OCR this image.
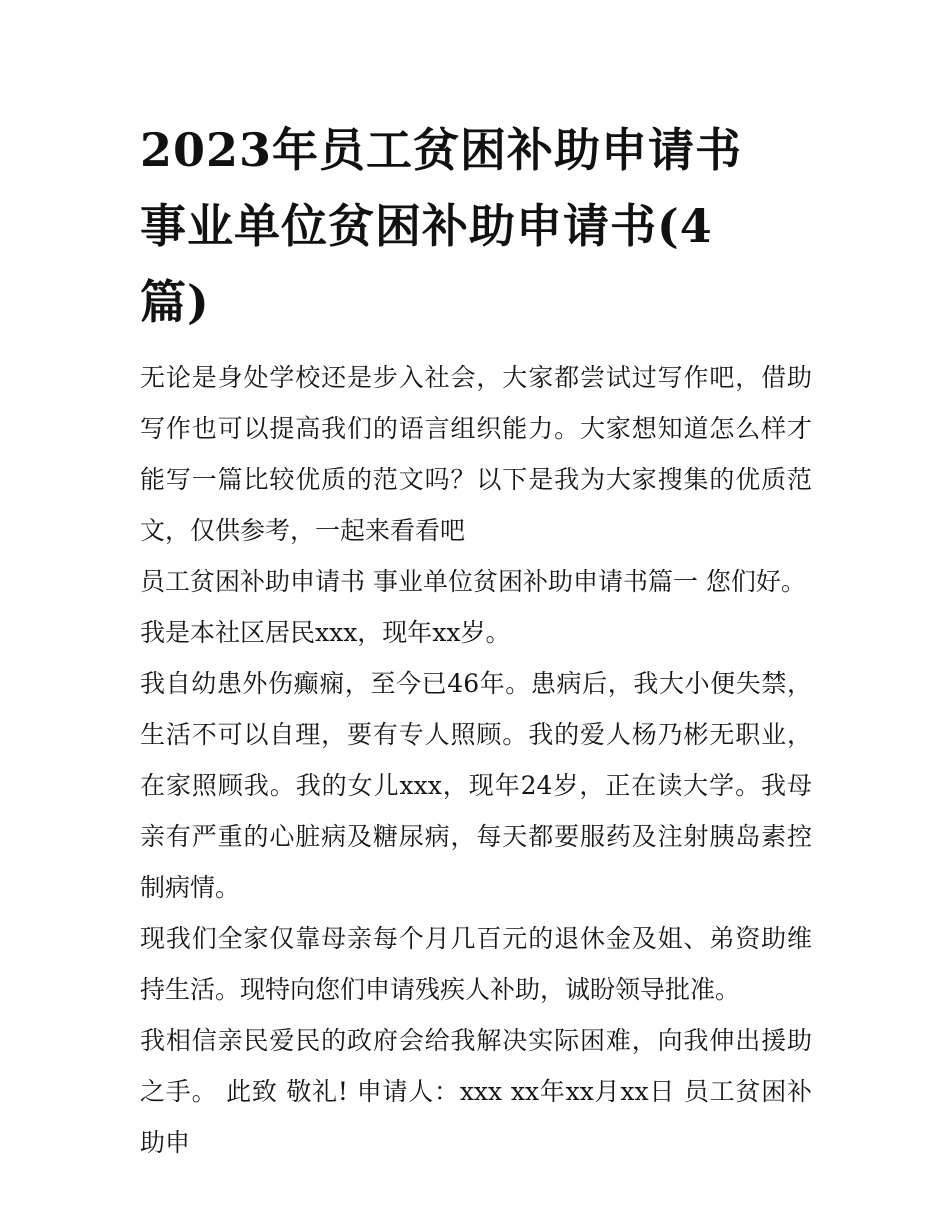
2023年员工贫困补助申请书 事业单位贫困补助申请书(4篇)

无论是身处学校还是步入社会，大家都尝试过写作吧，借助写作也可以提高我们的语言组织能力。大家想知道怎么样才能写一篇比较优质的范文吗？以下是我为大家搜集的优质范文，仅供参考，一起来看看吧

员工贫困补助申请书 事业单位贫困补助申请书篇一 您们好。

我是本社区居民xxx，现年xx岁。

我自幼患外伤癫痫，至今已46年。患病后，我大小便失禁，生活不可以自理，要有专人照顾。我的爱人杨乃彬无职业，在家照顾我。我的女儿xxx，现年24岁，正在读大学。我母亲有严重的心脏病及糖尿病，每天都要服药及注射胰岛素控制病情。

现我们全家仅靠母亲每个月几百元的退休金及姐、弟资助维持生活。现特向您们申请残疾人补助，诚盼领导批准。

我相信亲民爱民的政府会给我解决实际困难，向我伸出援助之手。 此致 敬礼! 申请人：xxx xx年xx月xx日 员工贫困补助申
